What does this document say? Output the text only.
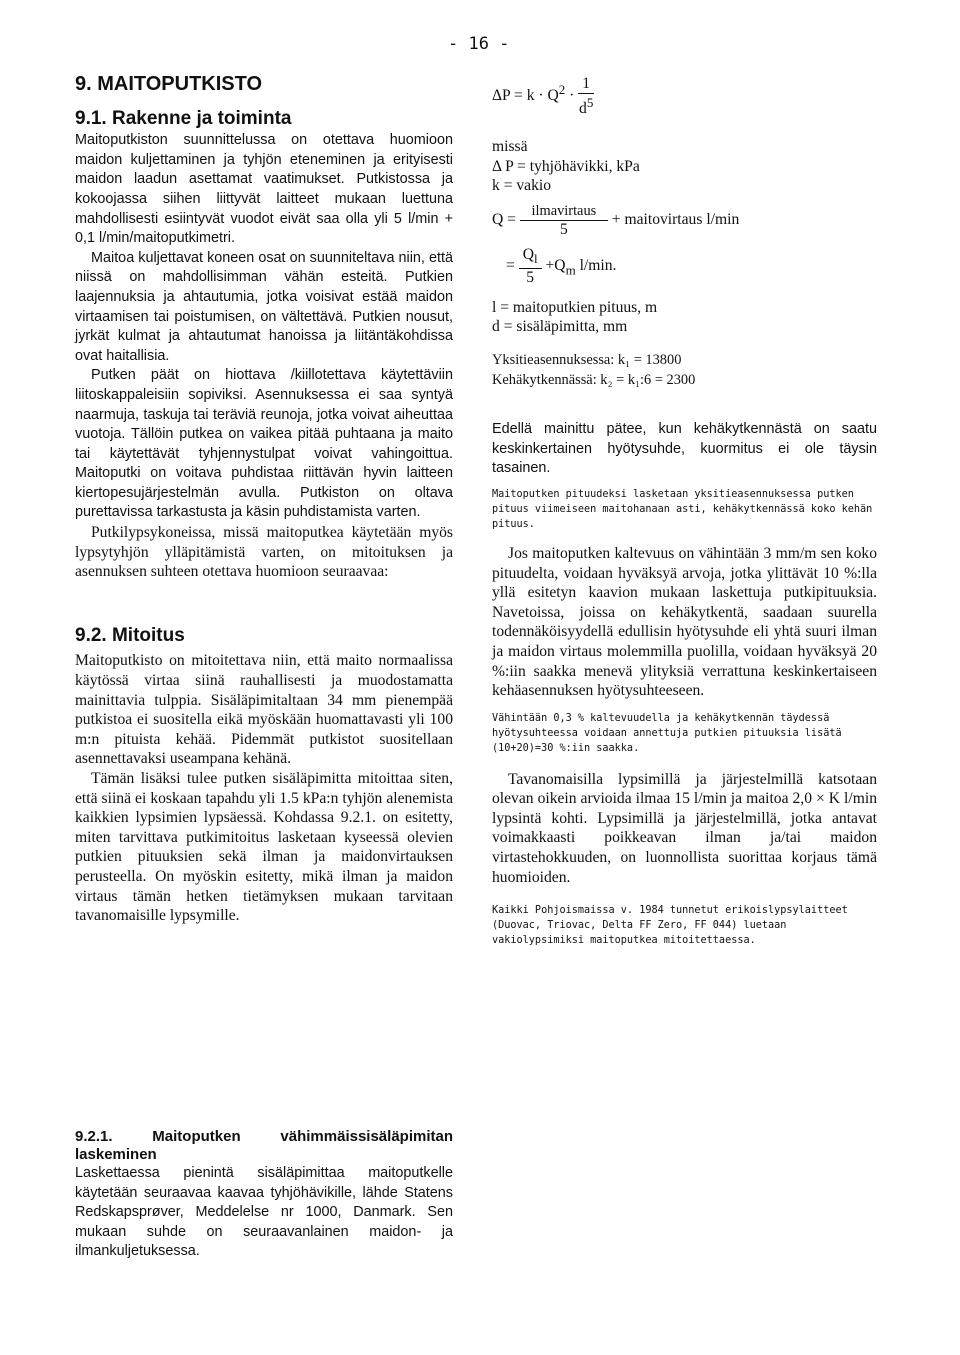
- 16 -
9. MAITOPUTKISTO
9.1. Rakenne ja toiminta

Maitoputkiston suunnittelussa on otettava huomioon maidon kuljettaminen ja tyhjön eteneminen ja erityisesti maidon laadun asettamat vaatimukset. Putkistossa ja kokoojassa siihen liittyvät laitteet mukaan luettuna mahdollisesti esiintyvät vuodot eivät saa olla yli 5 l/min + 0,1 l/min/maitoputkimetri.

Maitoa kuljettavat koneen osat on suunniteltava niin, että niissä on mahdollisimman vähän esteitä. Putkien laajennuksia ja ahtautumia, jotka voisivat estää maidon virtaamisen tai poistumisen, on vältettävä. Putkien nousut, jyrkät kulmat ja ahtautumat hanoissa ja liitäntäkohdissa ovat haitallisia.

Putken päät on hiottava /kiillotettava käytettäviin liitoskappaleisiin sopiviksi. Asennuksessa ei saa syntyä naarmuja, taskuja tai teräviä reunoja, jotka voivat aiheuttaa vuotoja. Tällöin putkea on vaikea pitää puhtaana ja maito tai käytettävät tyhjennystulpat voivat vahingoittua. Maitoputki on voitava puhdistaa riittävän hyvin laitteen kiertopesujärjestelmän avulla. Putkiston on oltava purettavissa tarkastusta ja käsin puhdistamista varten.

Putkilypsykoneissa, missä maitoputkea käytetään myös lypsytyhjön ylläpitämistä varten, on mitoituksen ja asennuksen suhteen otettava huomioon seuraavaa:

9.2. Mitoitus

Maitoputkisto on mitoitettava niin, että maito normaalissa käytössä virtaa siinä rauhallisesti ja muodostamatta mainittavia tulppia. Sisäläpimitaltaan 34 mm pienempää putkistoa ei suositella eikä myöskään huomattavasti yli 100 m:n pituista kehää. Pidemmät putkistot suositellaan asennettavaksi useampana kehänä.

Tämän lisäksi tulee putken sisäläpimitta mitoittaa siten, että siinä ei koskaan tapahdu yli 1.5 kPa:n tyhjön alenemista kaikkien lypsimien lypsäessä. Kohdassa 9.2.1. on esitetty, miten tarvittava putkimitoitus lasketaan kyseessä olevien putkien pituuksien sekä ilman ja maidonvirtauksen perusteella. On myöskin esitetty, mikä ilman ja maidon virtaus tämän hetken tietämyksen mukaan tarvitaan tavanomaisille lypsymille.

$\Delta P = k \cdot Q^2 \cdot \frac{1}{d^5}$
missä
Δ P = tyhjöhävikki, kPa
k = vakio
$Q = \frac{\text{ilmavirtaus}}{5}$ + maitovirtaus l/min
= $\frac{Q_l}{5} +Q_m$ l/min.
l = maitoputkien pituus, m
d = sisäläpimitta, mm
Yksitieasennuksessa: k₁ = 13800
Kehäkytkennässä: k₂ = k₁:6 = 2300

Edellä mainittu pätee, kun kehäkytkennästä on saatu keskinkertainen hyötysuhde, kuormitus ei ole täysin tasainen.

Maitoputken pituudeksi lasketaan yksitieasennuksessa putken pituus viimeiseen maitohanaan asti, kehäkytkennässä koko kehän pituus.

Jos maitoputken kaltevuus on vähintään 3 mm/m sen koko pituudelta, voidaan hyväksyä arvoja, jotka ylittävät 10 %:lla yllä esitetyn kaavion mukaan laskettuja putkipituuksia. Navetoissa, joissa on kehäkytkentä, saadaan suurella todennäköisyydellä edullisin hyötysuhde eli yhtä suuri ilman ja maidon virtaus molemmilla puolilla, voidaan hyväksyä 20 %:iin saakka menevä ylityksiä verrattuna keskinkertaiseen kehäasennuksen hyötysuhteeseen.

Vähintään 0,3 % kaltevuudella ja kehäkytkennän täydessä hyötysuhteessa voidaan annettuja putkien pituuksia lisätä (10+20)=30 %:iin saakka.

Tavanomaisilla lypsimillä ja järjestelmillä katsotaan olevan oikein arvioida ilmaa 15 l/min ja maitoa 2,0 × K l/min lypsintä kohti. Lypsimillä ja järjestelmillä, jotka antavat voimakkaasti poikkeavan ilman ja/tai maidon virtastehokkuuden, on luonnollista suorittaa korjaus tämä huomioiden.

Kaikki Pohjoismaissa v. 1984 tunnetut erikoislypsylaitteet (Duovac, Triovac, Delta FF Zero, FF 044) luetaan vakiolypsimiksi maitoputkea mitoitettaessa.

9.2.1. Maitoputken vähimmäissisäläpimitan laskeminen

Laskettaessa pienintä sisäläpimittaa maitoputkelle käytetään seuraavaa kaavaa tyhjöhävikille, lähde Statens Redskapsprøver, Meddelelse nr 1000, Danmark. Sen mukaan suhde on seuraavanlainen maidon- ja ilmankuljetuksessa.
